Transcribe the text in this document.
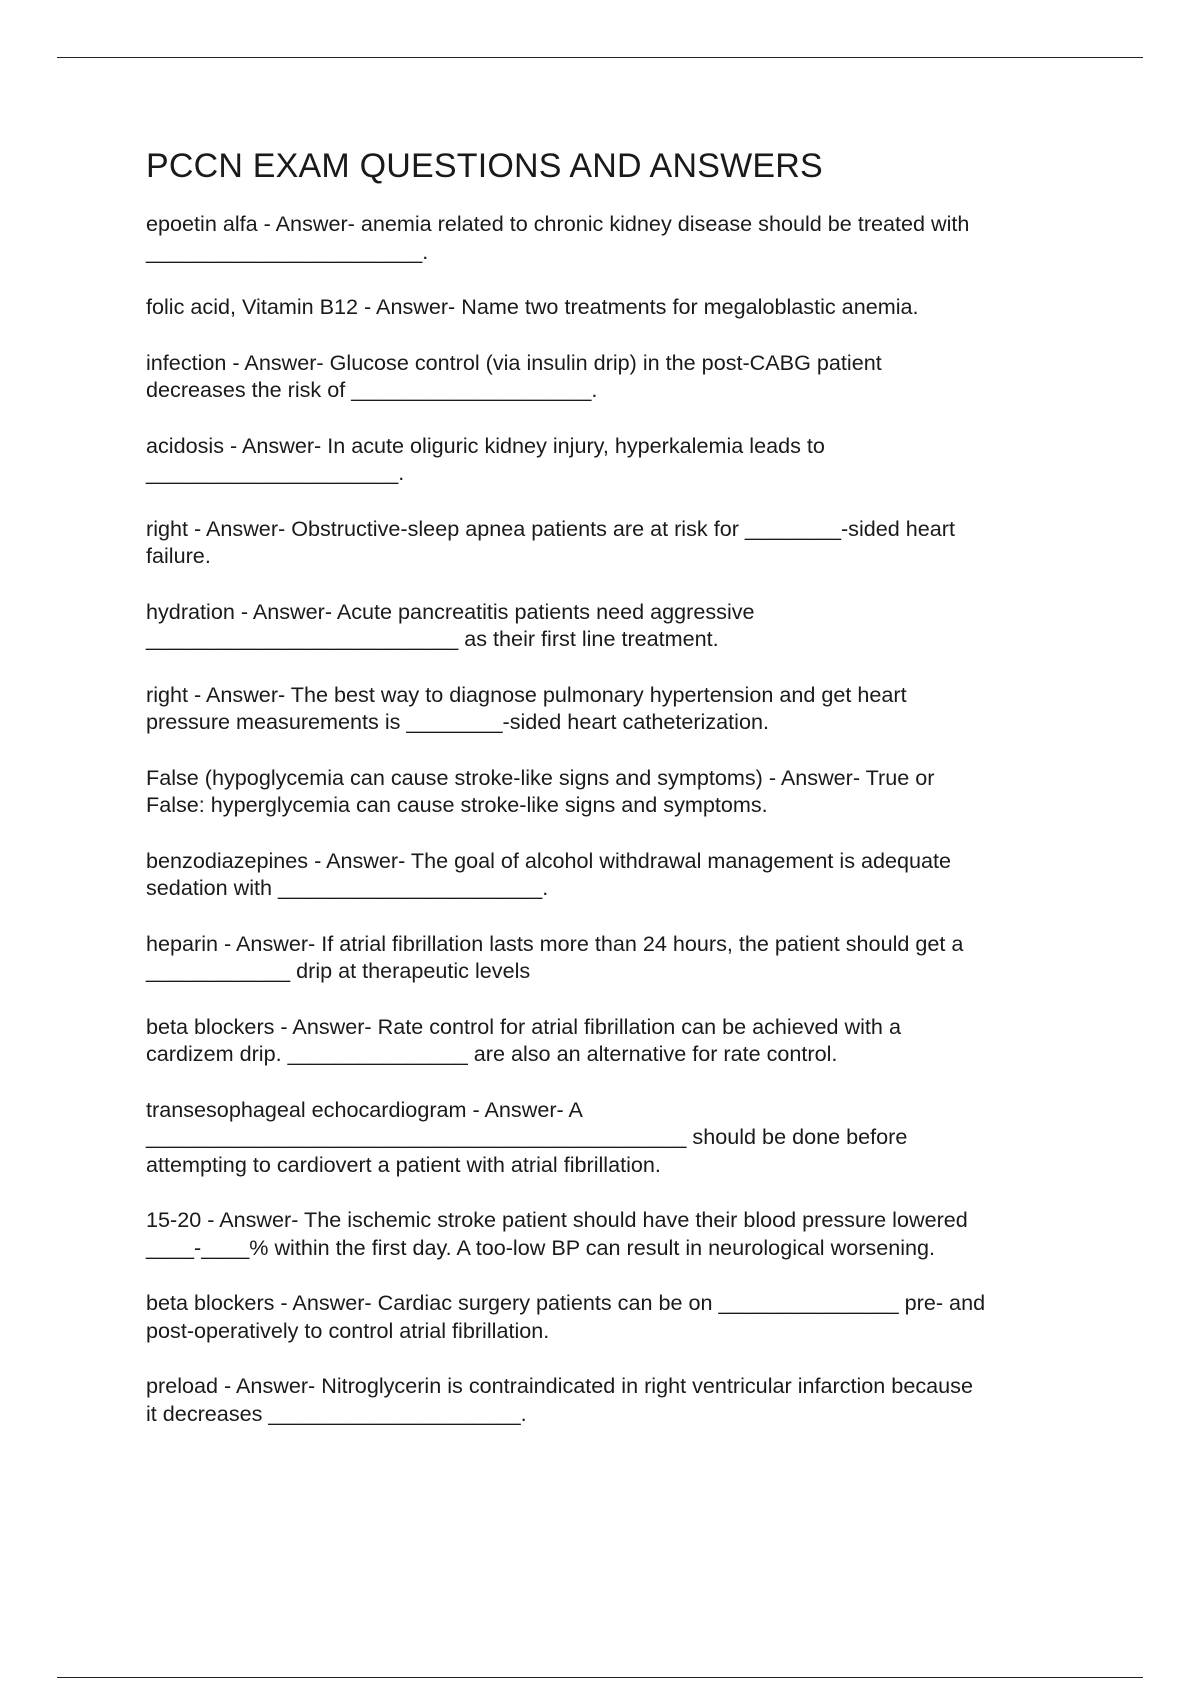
PCCN EXAM QUESTIONS AND ANSWERS

epoetin alfa - Answer- anemia related to chronic kidney disease should be treated with
_______________________.

folic acid, Vitamin B12 - Answer- Name two treatments for megaloblastic anemia.

infection - Answer- Glucose control (via insulin drip) in the post-CABG patient
decreases the risk of ____________________.

acidosis - Answer- In acute oliguric kidney injury, hyperkalemia leads to
_____________________.

right - Answer- Obstructive-sleep apnea patients are at risk for ________-sided heart
failure.

hydration - Answer- Acute pancreatitis patients need aggressive
__________________________ as their first line treatment.

right - Answer- The best way to diagnose pulmonary hypertension and get heart
pressure measurements is ________-sided heart catheterization.

False (hypoglycemia can cause stroke-like signs and symptoms) - Answer- True or
False: hyperglycemia can cause stroke-like signs and symptoms.

benzodiazepines - Answer- The goal of alcohol withdrawal management is adequate
sedation with ______________________.

heparin - Answer- If atrial fibrillation lasts more than 24 hours, the patient should get a
____________ drip at therapeutic levels

beta blockers - Answer- Rate control for atrial fibrillation can be achieved with a
cardizem drip. _______________ are also an alternative for rate control.

transesophageal echocardiogram - Answer- A
_____________________________________________ should be done before
attempting to cardiovert a patient with atrial fibrillation.

15-20 - Answer- The ischemic stroke patient should have their blood pressure lowered
____-____% within the first day. A too-low BP can result in neurological worsening.

beta blockers - Answer- Cardiac surgery patients can be on _______________ pre- and
post-operatively to control atrial fibrillation.

preload - Answer- Nitroglycerin is contraindicated in right ventricular infarction because
it decreases _____________________.
